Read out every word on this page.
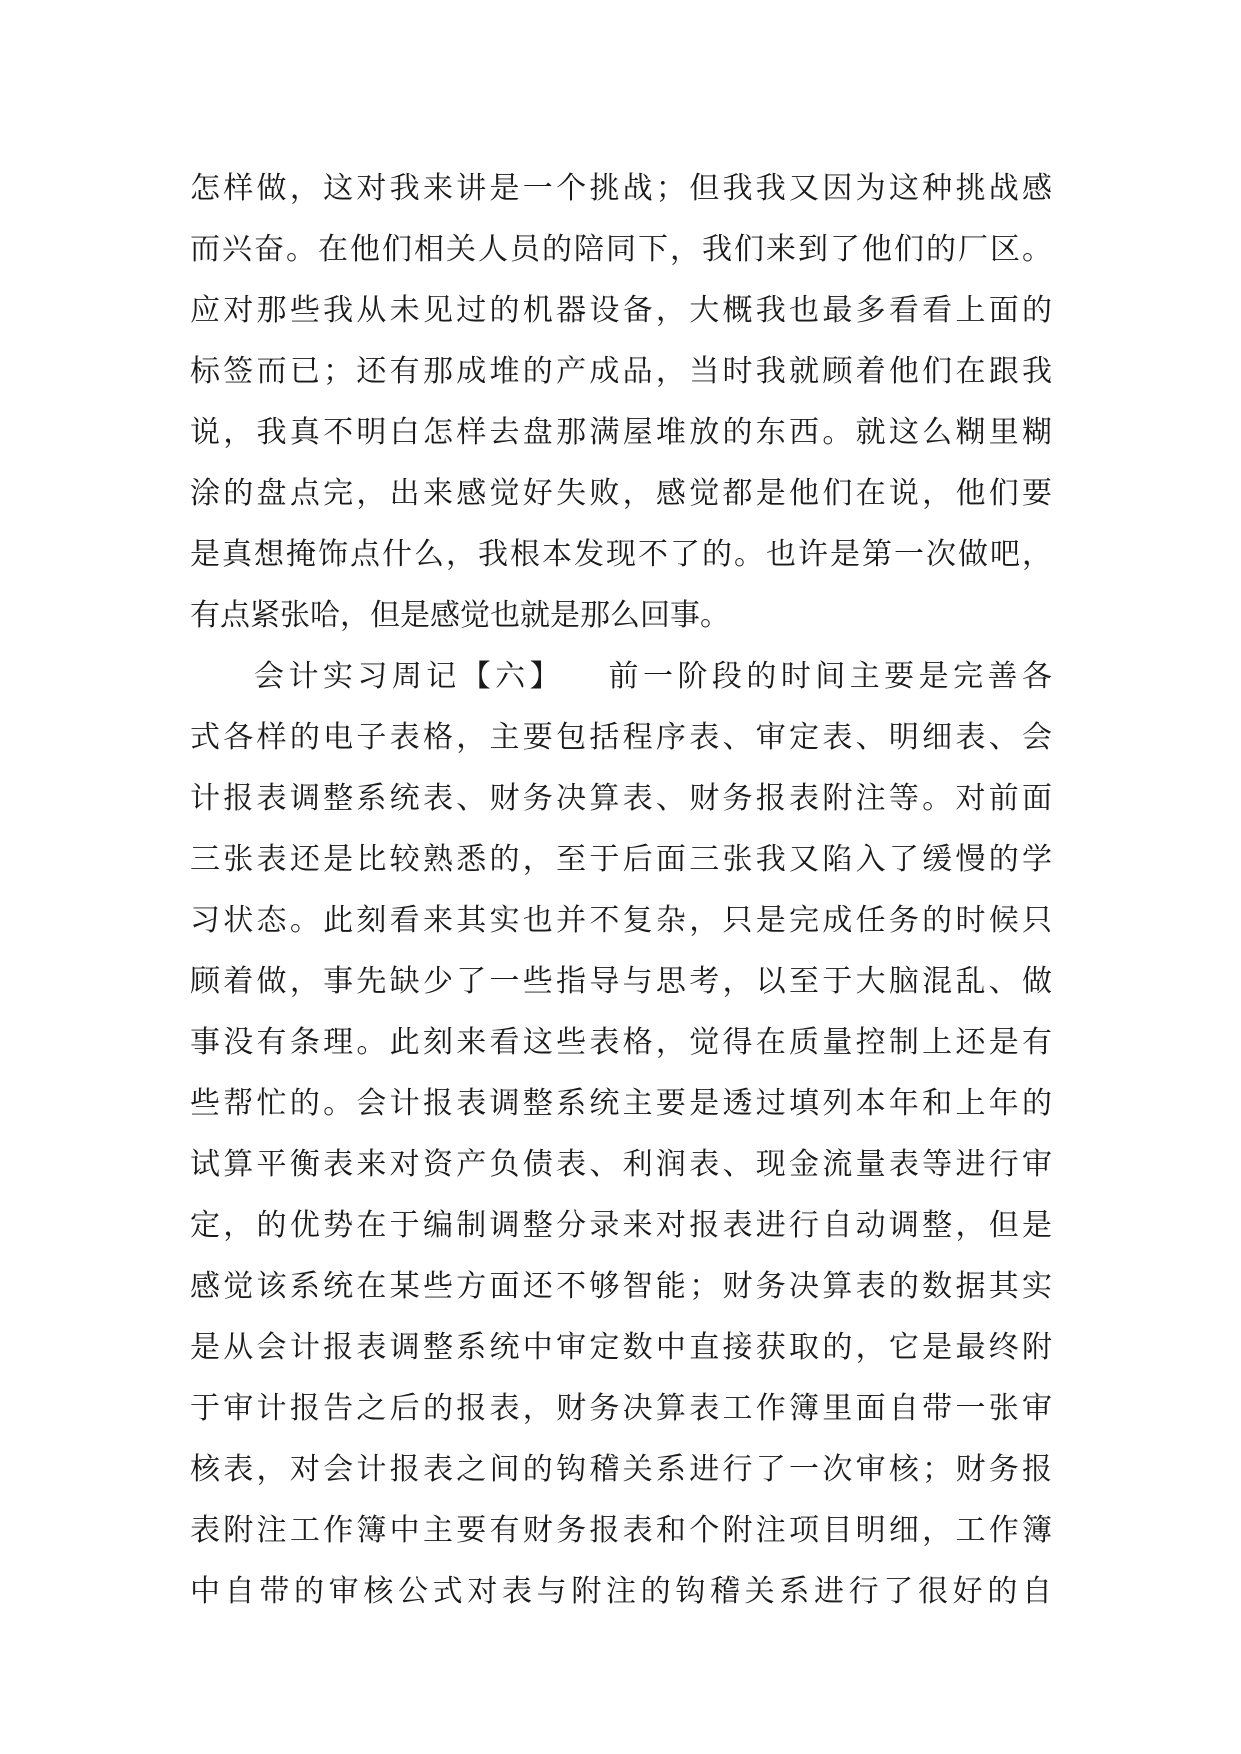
怎样做，这对我来讲是一个挑战；但我我又因为这种挑战感
而兴奋。在他们相关人员的陪同下，我们来到了他们的厂区。
应对那些我从未见过的机器设备，大概我也最多看看上面的
标签而已；还有那成堆的产成品，当时我就顾着他们在跟我
说，我真不明白怎样去盘那满屋堆放的东西。就这么糊里糊
涂的盘点完，出来感觉好失败，感觉都是他们在说，他们要
是真想掩饰点什么，我根本发现不了的。也许是第一次做吧，
有点紧张哈，但是感觉也就是那么回事。
会计实习周记【六】 前一阶段的时间主要是完善各
式各样的电子表格，主要包括程序表、审定表、明细表、会
计报表调整系统表、财务决算表、财务报表附注等。对前面
三张表还是比较熟悉的，至于后面三张我又陷入了缓慢的学
习状态。此刻看来其实也并不复杂，只是完成任务的时候只
顾着做，事先缺少了一些指导与思考，以至于大脑混乱、做
事没有条理。此刻来看这些表格，觉得在质量控制上还是有
些帮忙的。会计报表调整系统主要是透过填列本年和上年的
试算平衡表来对资产负债表、利润表、现金流量表等进行审
定，的优势在于编制调整分录来对报表进行自动调整，但是
感觉该系统在某些方面还不够智能；财务决算表的数据其实
是从会计报表调整系统中审定数中直接获取的，它是最终附
于审计报告之后的报表，财务决算表工作簿里面自带一张审
核表，对会计报表之间的钩稽关系进行了一次审核；财务报
表附注工作簿中主要有财务报表和个附注项目明细，工作簿
中自带的审核公式对表与附注的钩稽关系进行了很好的自
